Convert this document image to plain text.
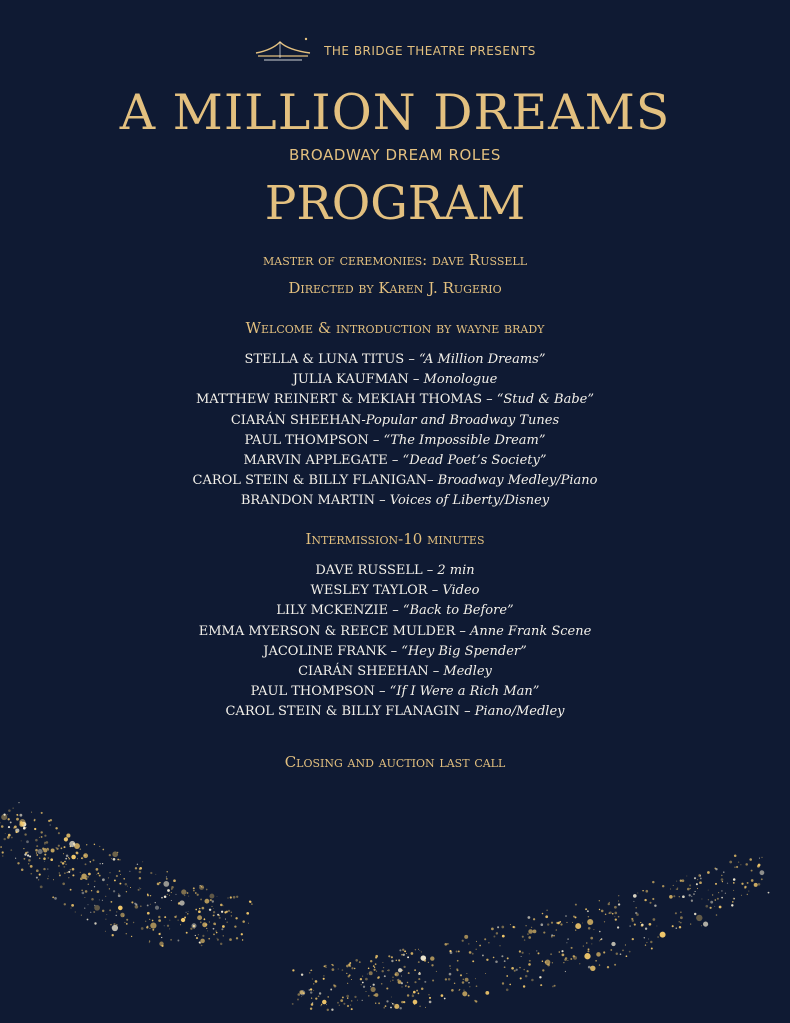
THE BRIDGE THEATRE PRESENTS
A MILLION DREAMS
BROADWAY DREAM ROLES
PROGRAM
master of ceremonies: dave Russell
Directed by Karen J. Rugerio
Welcome & introduction by wayne brady
STELLA & LUNA TITUS – “A Million Dreams”
JULIA KAUFMAN – Monologue
MATTHEW REINERT & MEKIAH THOMAS – “Stud & Babe”
CIARÁN SHEEHAN-Popular and Broadway Tunes
PAUL THOMPSON – “The Impossible Dream”
MARVIN APPLEGATE – “Dead Poet’s Society”
CAROL STEIN & BILLY FLANIGAN– Broadway Medley/Piano
BRANDON MARTIN – Voices of Liberty/Disney
Intermission-10 minutes
DAVE RUSSELL – 2 min
WESLEY TAYLOR – Video
LILY MCKENZIE – “Back to Before”
EMMA MYERSON & REECE MULDER – Anne Frank Scene
JACOLINE FRANK – “Hey Big Spender”
CIARÁN SHEEHAN – Medley
PAUL THOMPSON – “If I Were a Rich Man”
CAROL STEIN & BILLY FLANAGIN – Piano/Medley
Closing and auction last call
